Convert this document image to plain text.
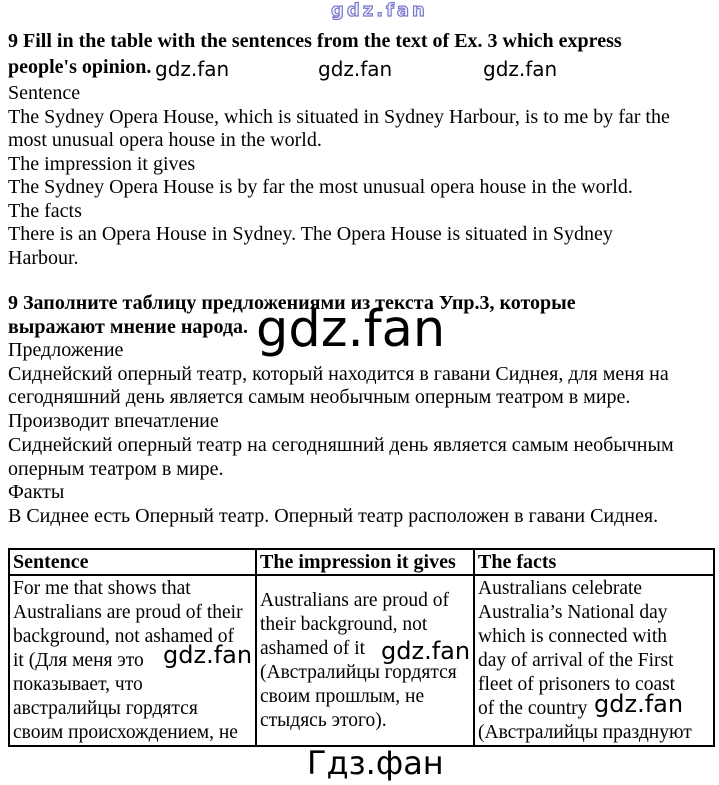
gdz.fan
9 Fill in the table with the sentences from the text of Ex. 3 which express
people's opinion.
Sentence
The Sydney Opera House, which is situated in Sydney Harbour, is to me by far the
most unusual opera house in the world.
The impression it gives
The Sydney Opera House is by far the most unusual opera house in the world.
The facts
There is an Opera House in Sydney. The Opera House is situated in Sydney
Harbour.
gdz.fan	gdz.fan	gdz.fan
9 Заполните таблицу предложениями из текста Упр.3, которые
выражают мнение народа.
Предложение
Сиднейский оперный театр, который находится в гавани Сиднея, для меня на
сегодняшний день является самым необычным оперным театром в мире.
Производит впечатление
Сиднейский оперный театр на сегодняшний день является самым необычным
оперным театром в мире.
Факты
В Сиднее есть Оперный театр. Оперный театр расположен в гавани Сиднея.
gdz.fan
Sentence	The impression it gives	The facts
For me that shows that
Australians are proud of their
background, not ashamed of
it (Для меня это
показывает, что
австралийцы гордятся
своим происхождением, не	Australians are proud of
their background, not
ashamed of it
(Австралийцы гордятся
своим прошлым, не
стыдясь этого).	Australians celebrate
Australia’s National day
which is connected with
day of arrival of the First
fleet of prisoners to coast
of the country
(Австралийцы празднуют
gdz.fan	gdz.fan
gdz.fan
Гдз.фан
